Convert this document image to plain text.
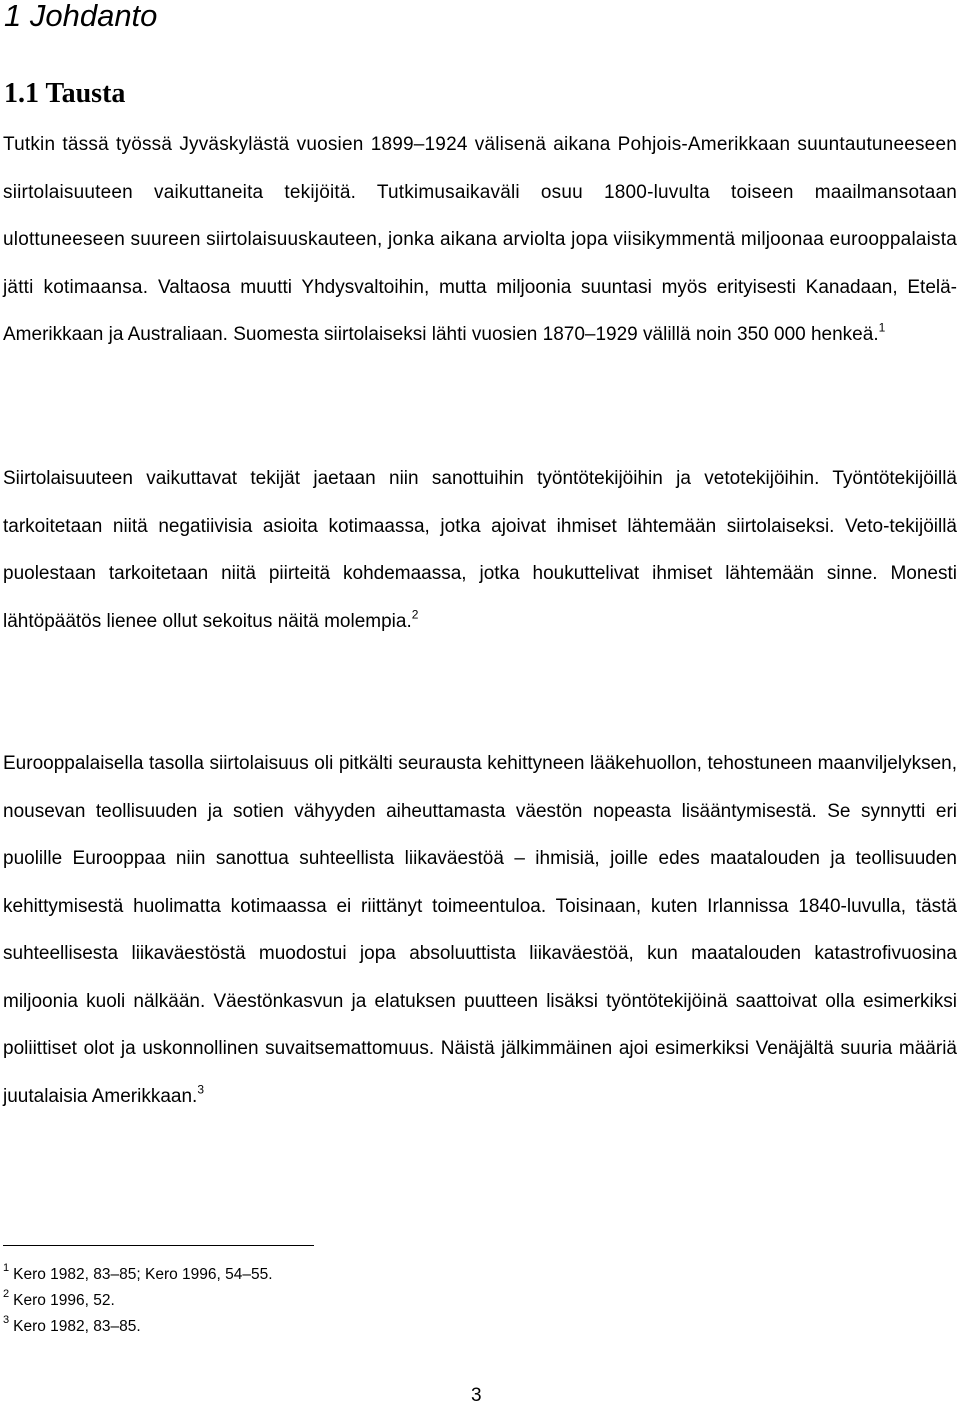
1 Johdanto
1.1 Tausta

Tutkin tässä työssä Jyväskylästä vuosien 1899–1924 välisenä aikana Pohjois-Amerikkaan suuntautuneeseen siirtolaisuuteen vaikuttaneita tekijöitä. Tutkimusaikaväli osuu 1800-luvulta toiseen maailmansotaan ulottuneeseen suureen siirtolaisuuskauteen, jonka aikana arviolta jopa viisikymmentä miljoonaa eurooppalaista jätti kotimaansa. Valtaosa muutti Yhdysvaltoihin, mutta miljoonia suuntasi myös erityisesti Kanadaan, Etelä-Amerikkaan ja Australiaan. Suomesta siirtolaiseksi lähti vuosien 1870–1929 välillä noin 350 000 henkeä.$^1$

Siirtolaisuuteen vaikuttavat tekijät jaetaan niin sanottuihin työntötekijöihin ja vetotekijöihin. Työntötekijöillä tarkoitetaan niitä negatiivisia asioita kotimaassa, jotka ajoivat ihmiset lähtemään siirtolaiseksi. Veto-tekijöillä puolestaan tarkoitetaan niitä piirteitä kohdemaassa, jotka houkuttelivat ihmiset lähtemään sinne. Monesti lähtöpäätös lienee ollut sekoitus näitä molempia.$^2$

Eurooppalaisella tasolla siirtolaisuus oli pitkälti seurausta kehittyneen lääkehuollon, tehostuneen maanviljelyksen, nousevan teollisuuden ja sotien vähyyden aiheuttamasta väestön nopeasta lisääntymisestä. Se synnytti eri puolille Eurooppaa niin sanottua suhteellista liikaväestöä – ihmisiä, joille edes maatalouden ja teollisuuden kehittymisestä huolimatta kotimaassa ei riittänyt toimeentuloa. Toisinaan, kuten Irlannissa 1840-luvulla, tästä suhteellisesta liikaväestöstä muodostui jopa absoluuttista liikaväestöä, kun maatalouden katastrofivuosina miljoonia kuoli nälkään. Väestönkasvun ja elatuksen puutteen lisäksi työntötekijöinä saattoivat olla esimerkiksi poliittiset olot ja uskonnollinen suvaitsemattomuus. Näistä jälkimmäinen ajoi esimerkiksi Venäjältä suuria määriä juutalaisia Amerikkaan.$^3$

$^1$ Kero 1982, 83–85; Kero 1996, 54–55.
$^2$ Kero 1996, 52.
$^3$ Kero 1982, 83–85.
3
